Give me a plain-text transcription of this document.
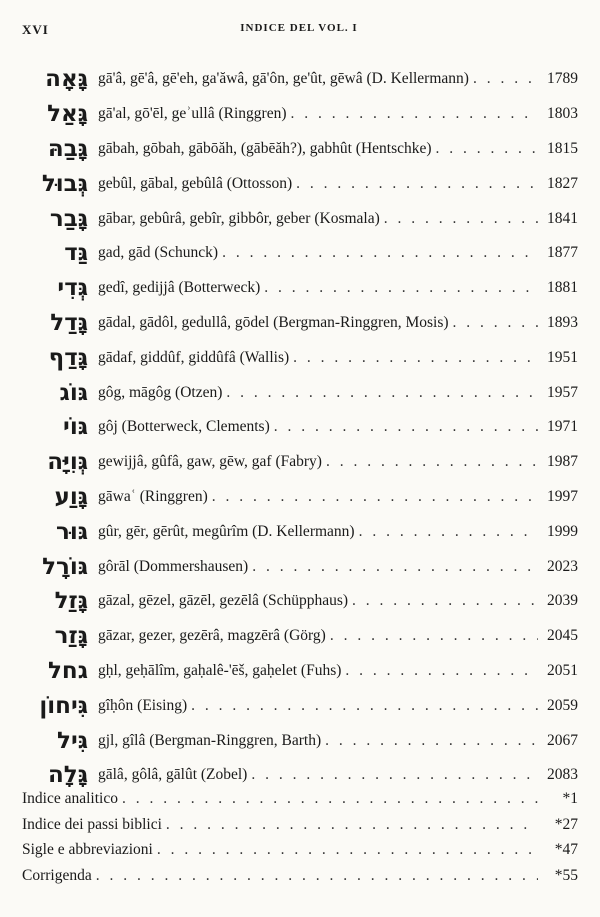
XVI	INDICE DEL VOL. I
גָּאָה gā'â, gē'â, gē'eh, ga'ăwâ, gā'ôn, ge'ût, gēwâ (D. Kellermann) . . .	1789
גָּאַל gā'al, gō'ēl, geʾullâ (Ringgren) . . .	1803
גָּבַהּ gābah, gōbah, gābōăh, (gābēăh?), gabhût (Hentschke) . . .	1815
גְּבוּל gebûl, gābal, gebûlâ (Ottosson) . . .	1827
גָּבַר gābar, gebûrâ, gebîr, gibbôr, geber (Kosmala) . . .	1841
גַּד gad, gād (Schunck) . . .	1877
גְּדִי gedî, gedijjâ (Botterweck) . . .	1881
גָּדַל gādal, gādôl, gedullâ, gōdel (Bergman-Ringgren, Mosis) . . .	1893
גָּדַף gādaf, giddûf, giddûfâ (Wallis) . . .	1951
גּוֹג gôg, māgôg (Otzen) . . .	1957
גּוֹי gôj (Botterweck, Clements) . . .	1971
גְּוִיָּה gewijjâ, gûfâ, gaw, gēw, gaf (Fabry) . . .	1987
גָּוַע gāwaʿ (Ringgren) . . .	1997
גּוּר gûr, gēr, gērût, megûrîm (D. Kellermann) . . .	1999
גּוֹרָל gôrāl (Dommershausen) . . .	2023
גָּזַל gāzal, gēzel, gāzēl, gezēlâ (Schüpphaus) . . .	2039
גָּזַר gāzar, gezer, gezērâ, magzērâ (Görg) . . .	2045
גחל gḥl, geḥālîm, gaḥalê-'ēš, gaḥelet (Fuhs) . . .	2051
גִּיחוֹן gîḥôn (Eising) . . .	2059
גִּיל gjl, gîlâ (Bergman-Ringgren, Barth) . . .	2067
גָּלָה gālâ, gôlâ, gālût (Zobel) . . .	2083
Indice analitico . . .	*1
Indice dei passi biblici . . .	*27
Sigle e abbreviazioni . . .	*47
Corrigenda . . .	*55
